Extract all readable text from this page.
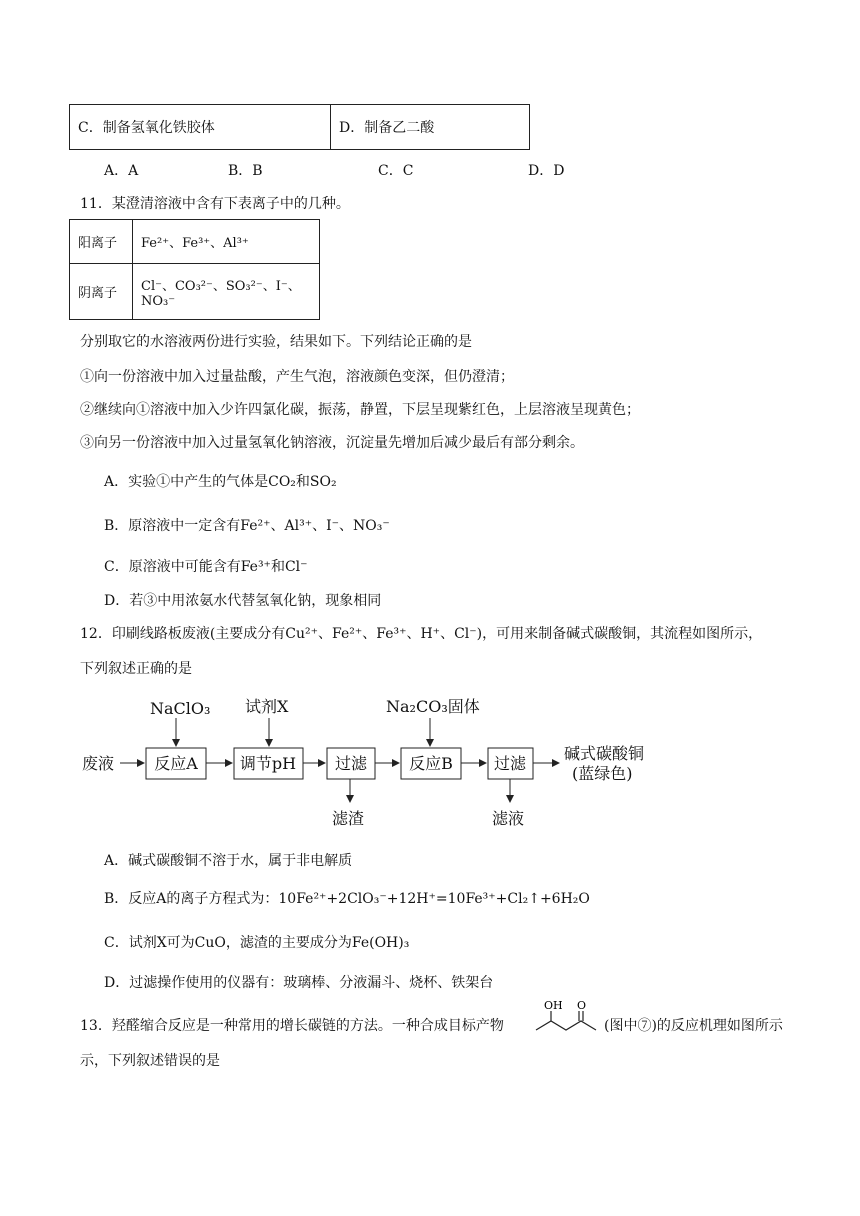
C．制备氢氧化铁胶体	D．制备乙二酸
A．A	B．B	C．C	D．D
11．某澄清溶液中含有下表离子中的几种。
阳离子	Fe²⁺、Fe³⁺、Al³⁺
阴离子	Cl⁻、CO₃²⁻、SO₃²⁻、I⁻、NO₃⁻
分别取它的水溶液两份进行实验，结果如下。下列结论正确的是
①向一份溶液中加入过量盐酸，产生气泡，溶液颜色变深，但仍澄清；
②继续向①溶液中加入少许四氯化碳，振荡，静置，下层呈现紫红色，上层溶液呈现黄色；
③向另一份溶液中加入过量氢氧化钠溶液，沉淀量先增加后减少最后有部分剩余。
A．实验①中产生的气体是CO₂和SO₂
B．原溶液中一定含有Fe²⁺、Al³⁺、I⁻、NO₃⁻
C．原溶液中可能含有Fe³⁺和Cl⁻
D．若③中用浓氨水代替氢氧化钠，现象相同
12．印刷线路板废液(主要成分有Cu²⁺、Fe²⁺、Fe³⁺、H⁺、Cl⁻)，可用来制备碱式碳酸铜，其流程如图所示，
下列叙述正确的是
废液
NaClO₃
反应A
试剂X
调节pH 过滤
滤渣
Na₂CO₃固体
反应B	过滤
滤液
碱式碳酸铜
(蓝绿色)
A．碱式碳酸铜不溶于水，属于非电解质
B．反应A的离子方程式为：10Fe²⁺+2ClO₃⁻+12H⁺=10Fe³⁺+Cl₂↑+6H₂O
C．试剂X可为CuO，滤渣的主要成分为Fe(OH)₃
D．过滤操作使用的仪器有：玻璃棒、分液漏斗、烧杯、铁架台
13．羟醛缩合反应是一种常用的增长碳链的方法。一种合成目标产物
OH O
(图中⑦)的反应机理如图所示
示，下列叙述错误的是
